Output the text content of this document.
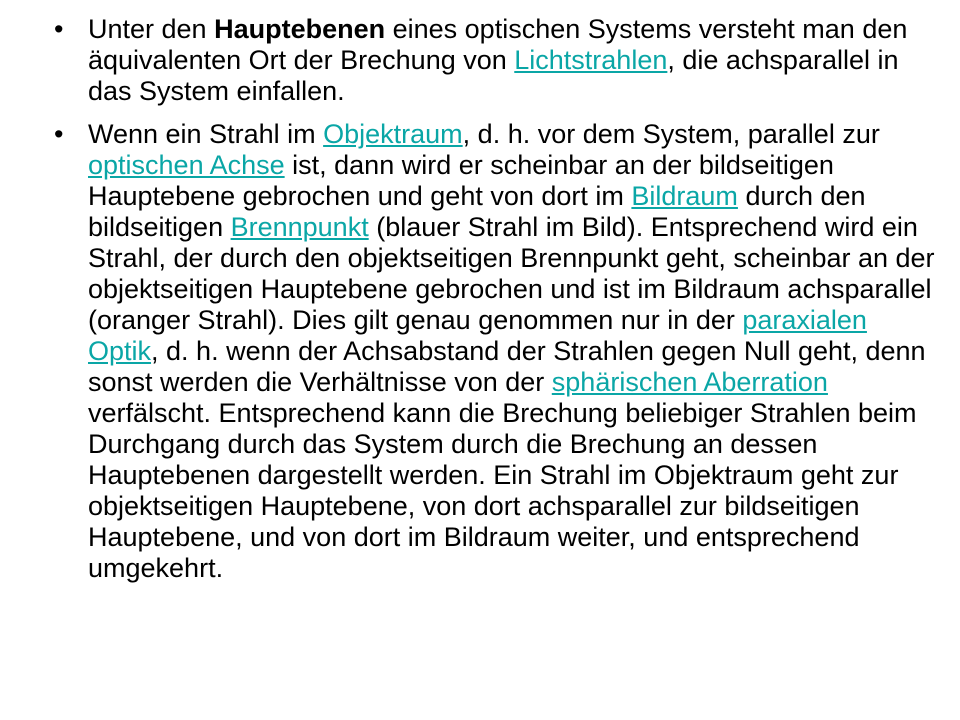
• Unter den Hauptebenen eines optischen Systems versteht man den äquivalenten Ort der Brechung von Lichtstrahlen, die achsparallel in das System einfallen.
• Wenn ein Strahl im Objektraum, d. h. vor dem System, parallel zur optischen Achse ist, dann wird er scheinbar an der bildseitigen Hauptebene gebrochen und geht von dort im Bildraum durch den bildseitigen Brennpunkt (blauer Strahl im Bild). Entsprechend wird ein Strahl, der durch den objektseitigen Brennpunkt geht, scheinbar an der objektseitigen Hauptebene gebrochen und ist im Bildraum achsparallel (oranger Strahl). Dies gilt genau genommen nur in der paraxialen Optik, d. h. wenn der Achsabstand der Strahlen gegen Null geht, denn sonst werden die Verhältnisse von der sphärischen Aberration verfälscht. Entsprechend kann die Brechung beliebiger Strahlen beim Durchgang durch das System durch die Brechung an dessen Hauptebenen dargestellt werden. Ein Strahl im Objektraum geht zur objektseitigen Hauptebene, von dort achsparallel zur bildseitigen Hauptebene, und von dort im Bildraum weiter, und entsprechend umgekehrt.
